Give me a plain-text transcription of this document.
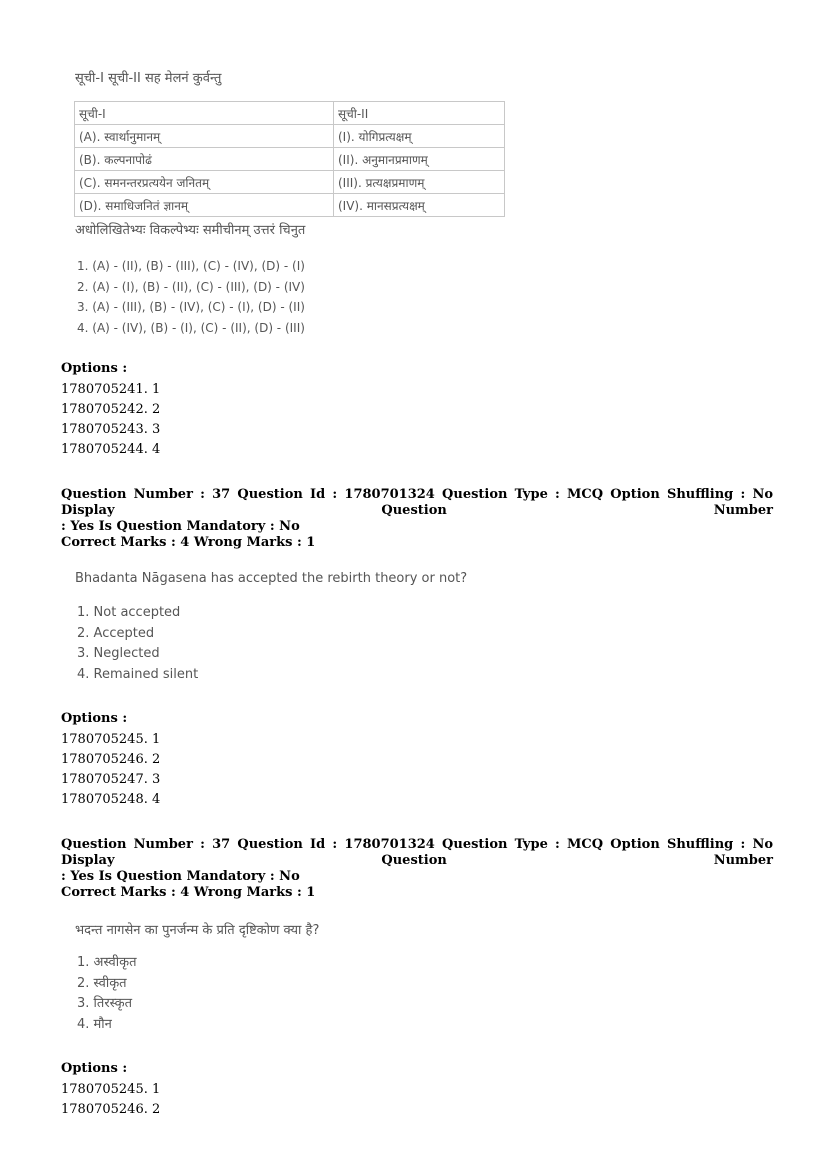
सूची-I सूची-II सह मेलनं कुर्वन्तु
सूची-I	सूची-II
(A). स्वार्थानुमानम्	(I). योगिप्रत्यक्षम्
(B). कल्पनापोढं	(II). अनुमानप्रमाणम्
(C). समनन्तरप्रत्ययेन जनितम्	(III). प्रत्यक्षप्रमाणम्
(D). समाधिजनितं ज्ञानम्	(IV). मानसप्रत्यक्षम्
अधोलिखितेभ्यः विकल्पेभ्यः समीचीनम् उत्तरं चिनुत
1. (A) - (II), (B) - (III), (C) - (IV), (D) - (I)
2. (A) - (I), (B) - (II), (C) - (III), (D) - (IV)
3. (A) - (III), (B) - (IV), (C) - (I), (D) - (II)
4. (A) - (IV), (B) - (I), (C) - (II), (D) - (III)
Options :
1780705241. 1
1780705242. 2
1780705243. 3
1780705244. 4
Question Number : 37 Question Id : 1780701324 Question Type : MCQ Option Shuffling : No Display Question Number
: Yes Is Question Mandatory : No
Correct Marks : 4 Wrong Marks : 1
Bhadanta Nāgasena has accepted the rebirth theory or not?
1. Not accepted
2. Accepted
3. Neglected
4. Remained silent
Options :
1780705245. 1
1780705246. 2
1780705247. 3
1780705248. 4
Question Number : 37 Question Id : 1780701324 Question Type : MCQ Option Shuffling : No Display Question Number
: Yes Is Question Mandatory : No
Correct Marks : 4 Wrong Marks : 1
भदन्त नागसेन का पुनर्जन्म के प्रति दृष्टिकोण क्या है?
1. अस्वीकृत
2. स्वीकृत
3. तिरस्कृत
4. मौन
Options :
1780705245. 1
1780705246. 2
